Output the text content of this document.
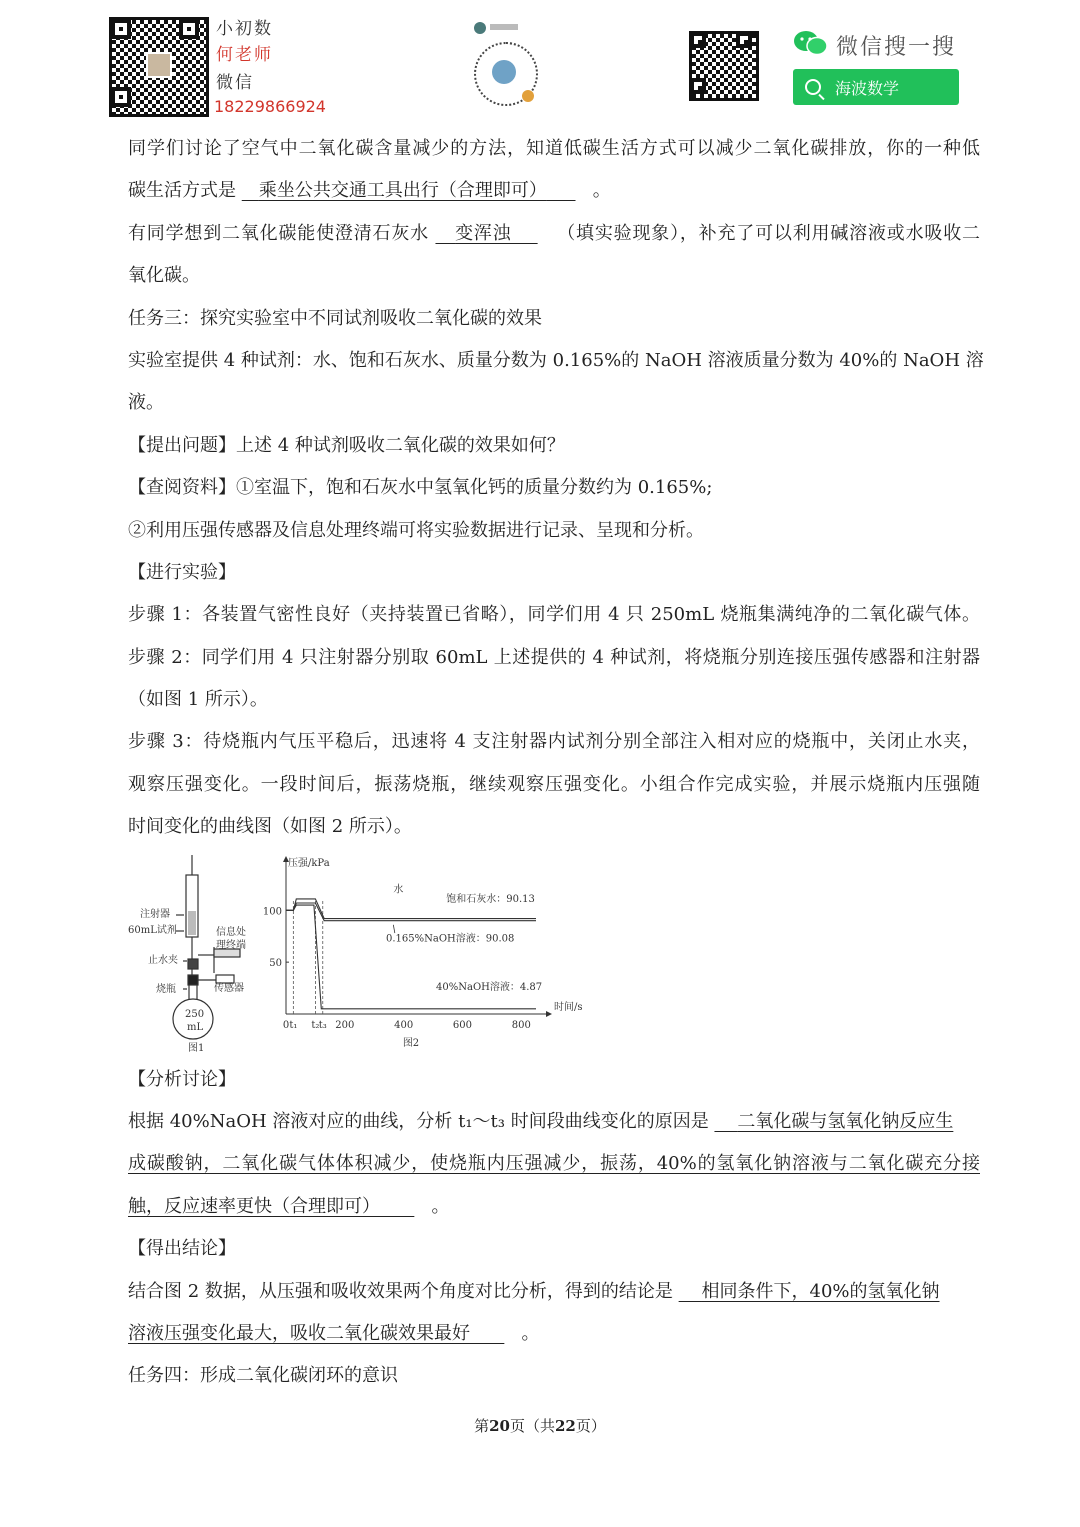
小初数
何老师
微信
18229866924
微信搜一搜
海波数学
同学们讨论了空气中二氧化碳含量减少的方法，知道低碳生活方式可以减少二氧化碳排放，你的一种低
碳生活方式是    乘坐公共交通工具出行（合理即可）	。
有同学想到二氧化碳能使澄清石灰水    变浑浊	（填实验现象），补充了可以利用碱溶液或水吸收二
氧化碳。
任务三：探究实验室中不同试剂吸收二氧化碳的效果
实验室提供 4 种试剂：水、饱和石灰水、质量分数为 0.165%的 NaOH 溶液质量分数为 40%的 NaOH 溶
液。
【提出问题】上述 4 种试剂吸收二氧化碳的效果如何？
【查阅资料】①室温下，饱和石灰水中氢氧化钙的质量分数约为 0.165%;
②利用压强传感器及信息处理终端可将实验数据进行记录、呈现和分析。
【进行实验】
步骤 1：各装置气密性良好（夹持装置已省略），同学们用 4 只 250mL 烧瓶集满纯净的二氧化碳气体。
步骤 2：同学们用 4 只注射器分别取 60mL 上述提供的 4 种试剂，将烧瓶分别连接压强传感器和注射器
（如图 1 所示）。
步骤 3：待烧瓶内气压平稳后，迅速将 4 支注射器内试剂分别全部注入相对应的烧瓶中，关闭止水夹，
观察压强变化。一段时间后，振荡烧瓶，继续观察压强变化。小组合作完成实验，并展示烧瓶内压强随
时间变化的曲线图（如图 2 所示）。
注射器
60mL试剂
止水夹
烧瓶
信息处
理终端
传感器
250
mL
图1
50
100
0 t₁ t₂ t₃ 200	400	600	800
压强/kPa
时间/s
图2
水
饱和石灰水：90.13
0.165%NaOH溶液：90.08
40%NaOH溶液：4.87
【分析讨论】
根据 40%NaOH 溶液对应的曲线，分析 t₁～t₃ 时间段曲线变化的原因是     二氧化碳与氢氧化钠反应生
成碳酸钠，二氧化碳气体体积减少，使烧瓶内压强减少，振荡，40%的氢氧化钠溶液与二氧化碳充分接
触，反应速率更快（合理即可）	。
【得出结论】
结合图 2 数据，从压强和吸收效果两个角度对比分析，得到的结论是     相同条件下，40%的氢氧化钠
溶液压强变化最大，吸收二氧化碳效果最好	。
任务四：形成二氧化碳闭环的意识
第20页（共22页）
